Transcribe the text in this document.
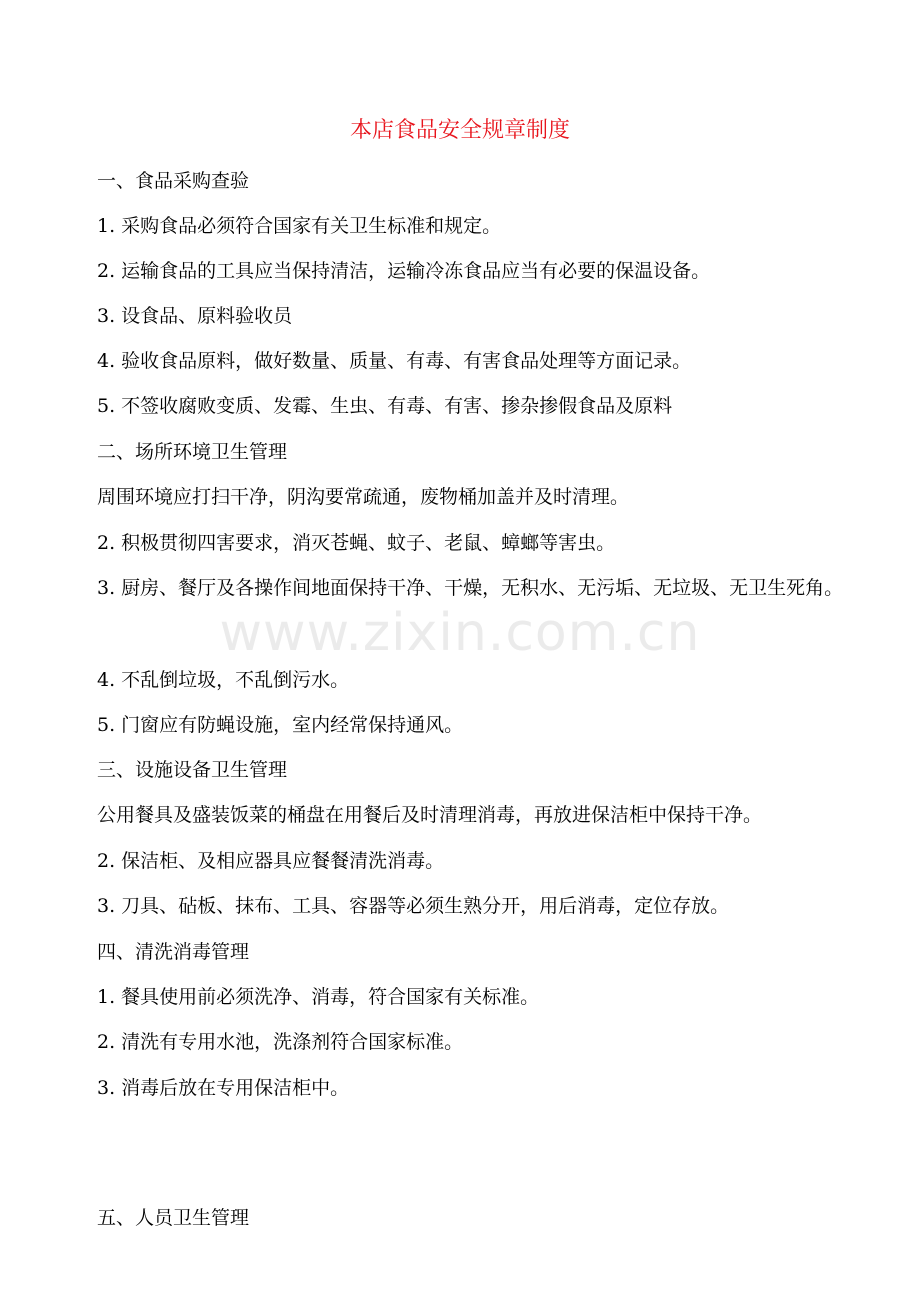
本店食品安全规章制度
一、食品采购查验
1. 采购食品必须符合国家有关卫生标准和规定。
2. 运输食品的工具应当保持清洁，运输冷冻食品应当有必要的保温设备。
3. 设食品、原料验收员
4. 验收食品原料，做好数量、质量、有毒、有害食品处理等方面记录。
5. 不签收腐败变质、发霉、生虫、有毒、有害、掺杂掺假食品及原料
二、场所环境卫生管理
周围环境应打扫干净，阴沟要常疏通，废物桶加盖并及时清理。
2. 积极贯彻四害要求，消灭苍蝇、蚊子、老鼠、蟑螂等害虫。
3. 厨房、餐厅及各操作间地面保持干净、干燥，无积水、无污垢、无垃圾、无卫生死角。
4. 不乱倒垃圾，不乱倒污水。
5. 门窗应有防蝇设施，室内经常保持通风。
三、设施设备卫生管理
公用餐具及盛装饭菜的桶盘在用餐后及时清理消毒，再放进保洁柜中保持干净。
2. 保洁柜、及相应器具应餐餐清洗消毒。
3. 刀具、砧板、抹布、工具、容器等必须生熟分开，用后消毒，定位存放。
四、清洗消毒管理
1. 餐具使用前必须洗净、消毒，符合国家有关标准。
2. 清洗有专用水池，洗涤剂符合国家标准。
3. 消毒后放在专用保洁柜中。
五、人员卫生管理
www.zixin.com.cn
